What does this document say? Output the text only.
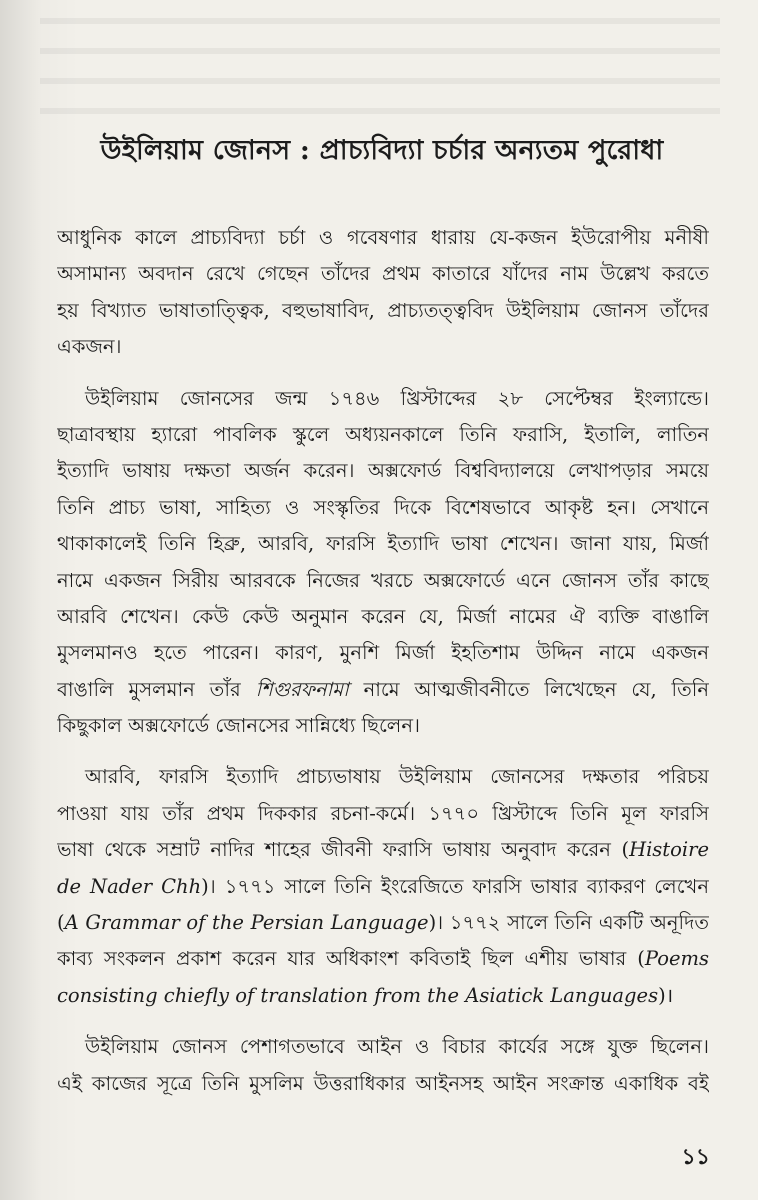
উইলিয়াম জোনস : প্রাচ্যবিদ্যা চর্চার অন্যতম পুরোধা
আধুনিক কালে প্রাচ্যবিদ্যা চর্চা ও গবেষণার ধারায় যে-কজন ইউরোপীয় মনীষী
অসামান্য অবদান রেখে গেছেন তাঁদের প্রথম কাতারে যাঁদের নাম উল্লেখ করতে
হয় বিখ্যাত ভাষাতাত্ত্বিক, বহুভাষাবিদ, প্রাচ্যতত্ত্ববিদ উইলিয়াম জোনস তাঁদের
একজন।
উইলিয়াম জোনসের জন্ম ১৭৪৬ খ্রিস্টাব্দের ২৮ সেপ্টেম্বর ইংল্যান্ডে।
ছাত্রাবস্থায় হ্যারো পাবলিক স্কুলে অধ্যয়নকালে তিনি ফরাসি, ইতালি, লাতিন
ইত্যাদি ভাষায় দক্ষতা অর্জন করেন। অক্সফোর্ড বিশ্ববিদ্যালয়ে লেখাপড়ার সময়ে
তিনি প্রাচ্য ভাষা, সাহিত্য ও সংস্কৃতির দিকে বিশেষভাবে আকৃষ্ট হন। সেখানে
থাকাকালেই তিনি হিব্রু, আরবি, ফারসি ইত্যাদি ভাষা শেখেন। জানা যায়, মির্জা
নামে একজন সিরীয় আরবকে নিজের খরচে অক্সফোর্ডে এনে জোনস তাঁর কাছে
আরবি শেখেন। কেউ কেউ অনুমান করেন যে, মির্জা নামের ঐ ব্যক্তি বাঙালি
মুসলমানও হতে পারেন। কারণ, মুনশি মির্জা ইহতিশাম উদ্দিন নামে একজন
বাঙালি মুসলমান তাঁর শিগুরফনামা নামে আত্মজীবনীতে লিখেছেন যে, তিনি
কিছুকাল অক্সফোর্ডে জোনসের সান্নিধ্যে ছিলেন।
আরবি, ফারসি ইত্যাদি প্রাচ্যভাষায় উইলিয়াম জোনসের দক্ষতার পরিচয়
পাওয়া যায় তাঁর প্রথম দিককার রচনা-কর্মে। ১৭৭০ খ্রিস্টাব্দে তিনি মূল ফারসি
ভাষা থেকে সম্রাট নাদির শাহের জীবনী ফরাসি ভাষায় অনুবাদ করেন (Histoire
de Nader Chh)। ১৭৭১ সালে তিনি ইংরেজিতে ফারসি ভাষার ব্যাকরণ লেখেন
(A Grammar of the Persian Language)। ১৭৭২ সালে তিনি একটি অনূদিত
কাব্য সংকলন প্রকাশ করেন যার অধিকাংশ কবিতাই ছিল এশীয় ভাষার (Poems
consisting chiefly of translation from the Asiatick Languages)।
উইলিয়াম জোনস পেশাগতভাবে আইন ও বিচার কার্যের সঙ্গে যুক্ত ছিলেন।
এই কাজের সূত্রে তিনি মুসলিম উত্তরাধিকার আইনসহ আইন সংক্রান্ত একাধিক বই
১১
